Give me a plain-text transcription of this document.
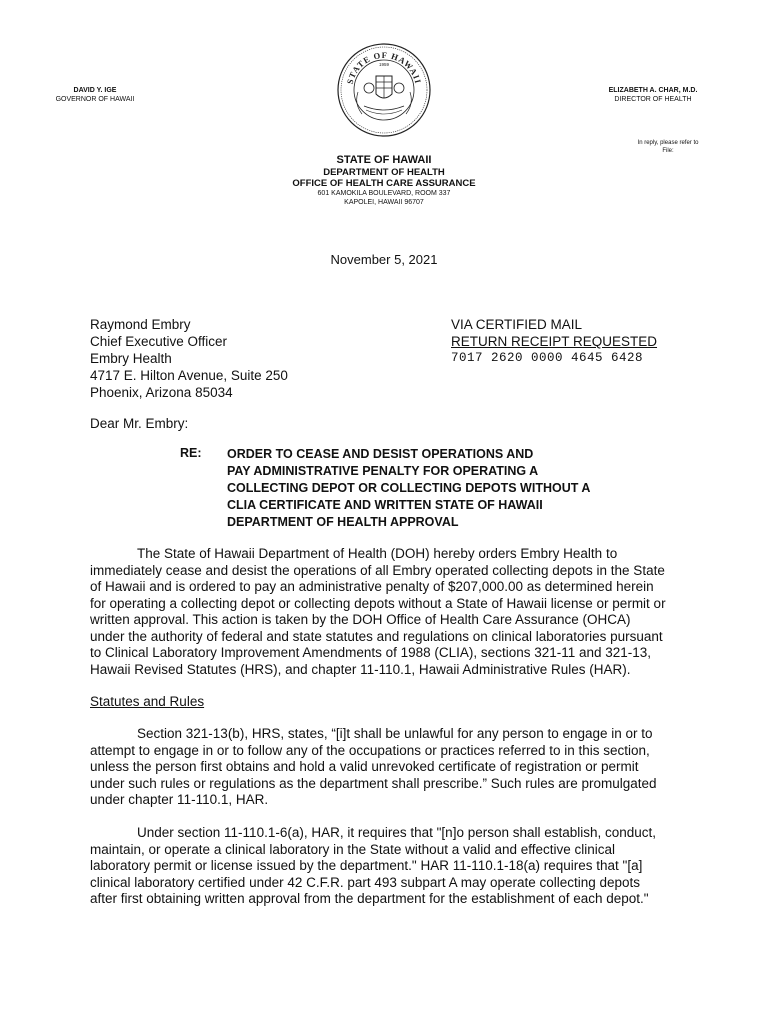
DAVID Y. IGE
GOVERNOR OF HAWAII
STATE OF HAWAII
1959
ELIZABETH A. CHAR, M.D.
DIRECTOR OF HEALTH
In reply, please refer to
File:
STATE OF HAWAII
DEPARTMENT OF HEALTH
OFFICE OF HEALTH CARE ASSURANCE
601 KAMOKILA BOULEVARD, ROOM 337
KAPOLEI, HAWAII 96707
November 5, 2021
Raymond Embry
Chief Executive Officer
Embry Health
4717 E. Hilton Avenue, Suite 250
Phoenix, Arizona 85034
VIA CERTIFIED MAIL
RETURN RECEIPT REQUESTED
7017 2620 0000 4645 6428
Dear Mr. Embry:
RE: ORDER TO CEASE AND DESIST OPERATIONS AND
PAY ADMINISTRATIVE PENALTY FOR OPERATING A
COLLECTING DEPOT OR COLLECTING DEPOTS WITHOUT A
CLIA CERTIFICATE AND WRITTEN STATE OF HAWAII
DEPARTMENT OF HEALTH APPROVAL
The State of Hawaii Department of Health (DOH) hereby orders Embry Health to
immediately cease and desist the operations of all Embry operated collecting depots in the State
of Hawaii and is ordered to pay an administrative penalty of $207,000.00 as determined herein
for operating a collecting depot or collecting depots without a State of Hawaii license or permit or
written approval. This action is taken by the DOH Office of Health Care Assurance (OHCA)
under the authority of federal and state statutes and regulations on clinical laboratories pursuant
to Clinical Laboratory Improvement Amendments of 1988 (CLIA), sections 321-11 and 321-13,
Hawaii Revised Statutes (HRS), and chapter 11-110.1, Hawaii Administrative Rules (HAR).
Statutes and Rules
Section 321-13(b), HRS, states, “[i]t shall be unlawful for any person to engage in or to
attempt to engage in or to follow any of the occupations or practices referred to in this section,
unless the person first obtains and hold a valid unrevoked certificate of registration or permit
under such rules or regulations as the department shall prescribe.” Such rules are promulgated
under chapter 11-110.1, HAR.
Under section 11-110.1-6(a), HAR, it requires that "[n]o person shall establish, conduct,
maintain, or operate a clinical laboratory in the State without a valid and effective clinical
laboratory permit or license issued by the department." HAR 11-110.1-18(a) requires that "[a]
clinical laboratory certified under 42 C.F.R. part 493 subpart A may operate collecting depots
after first obtaining written approval from the department for the establishment of each depot."
